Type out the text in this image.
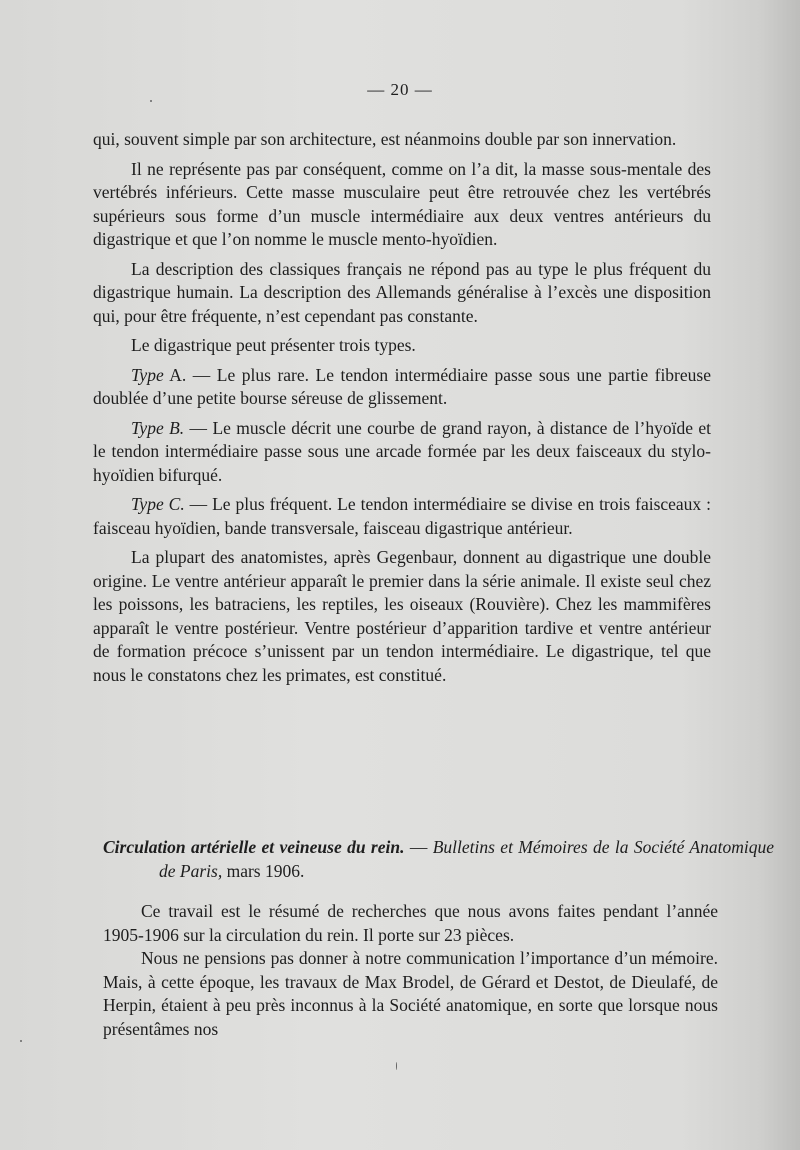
— 20 —

qui, souvent simple par son architecture, est néanmoins double par son innervation.

Il ne représente pas par conséquent, comme on l’a dit, la masse sous-mentale des vertébrés inférieurs. Cette masse musculaire peut être retrouvée chez les vertébrés supérieurs sous forme d’un muscle intermédiaire aux deux ventres antérieurs du digastrique et que l’on nomme le muscle mento-hyoïdien.

La description des classiques français ne répond pas au type le plus fréquent du digastrique humain. La description des Allemands généralise à l’excès une disposition qui, pour être fréquente, n’est cependant pas constante.

Le digastrique peut présenter trois types.

Type A. — Le plus rare. Le tendon intermédiaire passe sous une partie fibreuse doublée d’une petite bourse séreuse de glissement.

Type B. — Le muscle décrit une courbe de grand rayon, à distance de l’hyoïde et le tendon intermédiaire passe sous une arcade formée par les deux faisceaux du stylo-hyoïdien bifurqué.

Type C. — Le plus fréquent. Le tendon intermédiaire se divise en trois faisceaux : faisceau hyoïdien, bande transversale, faisceau digastrique antérieur.

La plupart des anatomistes, après Gegenbaur, donnent au digastrique une double origine. Le ventre antérieur apparaît le premier dans la série animale. Il existe seul chez les poissons, les batraciens, les reptiles, les oiseaux (Rouvière). Chez les mammifères apparaît le ventre postérieur. Ventre postérieur d’apparition tardive et ventre antérieur de formation précoce s’unissent par un tendon intermédiaire. Le digastrique, tel que nous le constatons chez les primates, est constitué.

Circulation artérielle et veineuse du rein. — Bulletins et Mémoires de la Société Anatomique de Paris, mars 1906.

Ce travail est le résumé de recherches que nous avons faites pendant l’année 1905-1906 sur la circulation du rein. Il porte sur 23 pièces.

Nous ne pensions pas donner à notre communication l’importance d’un mémoire. Mais, à cette époque, les travaux de Max Brodel, de Gérard et Destot, de Dieulafé, de Herpin, étaient à peu près inconnus à la Société anatomique, en sorte que lorsque nous présentâmes nos
